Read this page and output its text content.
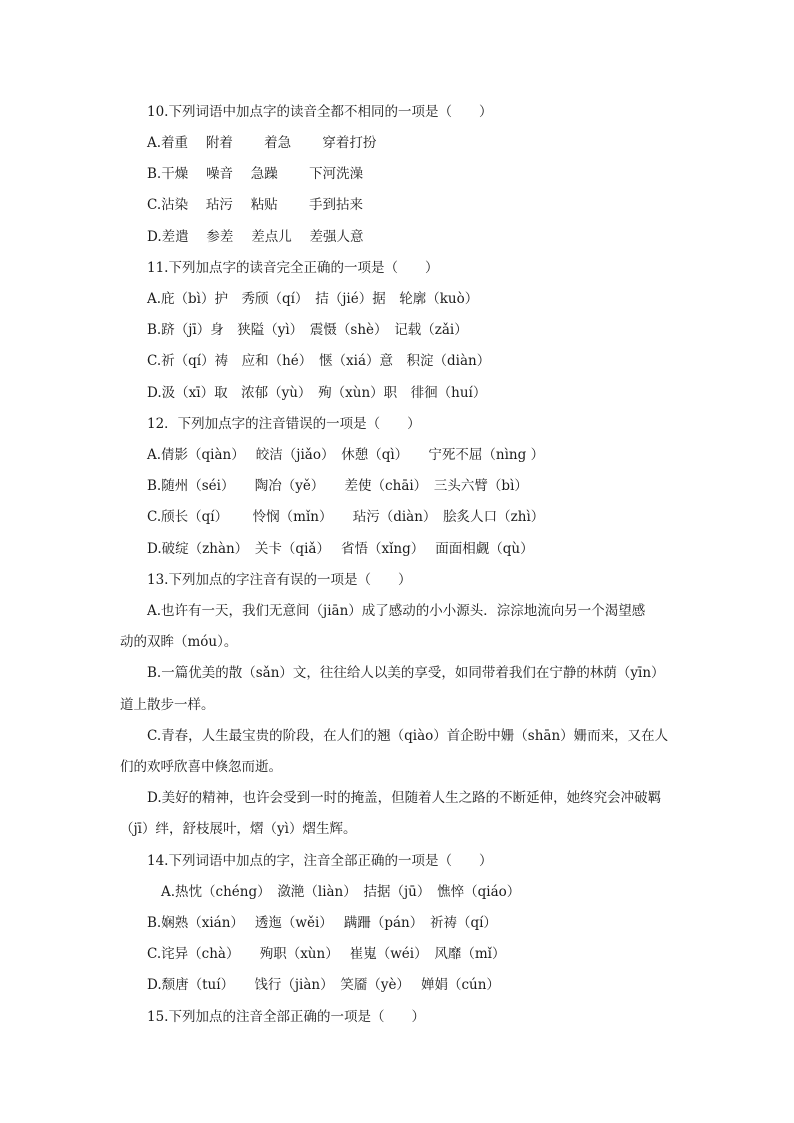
10.下列词语中加点字的读音全都不相同的一项是（　　）
A.着重　 附着　　 着急　　 穿着打扮
B.干燥　 噪音　 急躁　　 下河洗澡
C.沾染　 玷污　 粘贴　　 手到拈来
D.差遣　 参差　 差点儿　 差强人意
11.下列加点字的读音完全正确的一项是（　　）
A.庇（bì）护　秀颀（qí）　拮（jié）据　轮廓（kuò）
B.跻（jī）身　狭隘（yì）　震慑（shè）　记载（zǎi）
C.祈（qí）祷　应和（hé）　惬（xiá）意　积淀（diàn）
D.汲（xī）取　浓郁（yù）　殉（xùn）职　徘徊（huí）
12．下列加点字的注音错误的一项是（　　）
A.倩影（qiàn）　 皎洁（jiǎo）　休憩（qì）　　宁死不屈（nìng ）
B.随州（séi）　　陶冶（yě）　　差使（chāi）　三头六臂（bì）
C.颀长（qí）　　 怜悯（mǐn）　　玷污（diàn）　脍炙人口（zhì）
D.破绽（zhàn）　关卡（qiǎ）　 省悟（xǐng）　 面面相觑（qù）
13.下列加点的字注音有误的一项是（　　）
A.也许有一天，我们无意间（jiān）成了感动的小小源头．淙淙地流向另一个渴望感
动的双眸（móu）。
B.一篇优美的散（sǎn）文，往往给人以美的享受，如同带着我们在宁静的林荫（yīn）
道上散步一样。
C.青春，人生最宝贵的阶段，在人们的翘（qiào）首企盼中姗（shān）姗而来，又在人
们的欢呼欣喜中倏忽而逝。
D.美好的精神，也许会受到一时的掩盖，但随着人生之路的不断延伸，她终究会冲破羁
（jī）绊，舒枝展叶，熠（yì）熠生辉。
14.下列词语中加点的字，注音全部正确的一项是（　　）
A.热忱（chéng）　潋滟（liàn）　拮据（jū）　憔悴（qiáo）
B.娴熟（xián）　 透迤（wěi）　 蹒跚（pán）　祈祷（qí）
C.诧异（chà）　　殉职（xùn）　 崔嵬（wéi）　风靡（mǐ）
D.颓唐（tuí）　　饯行（jiàn）　笑靥（yè）　 婵娟（cún）
15.下列加点的注音全部正确的一项是（　　）
